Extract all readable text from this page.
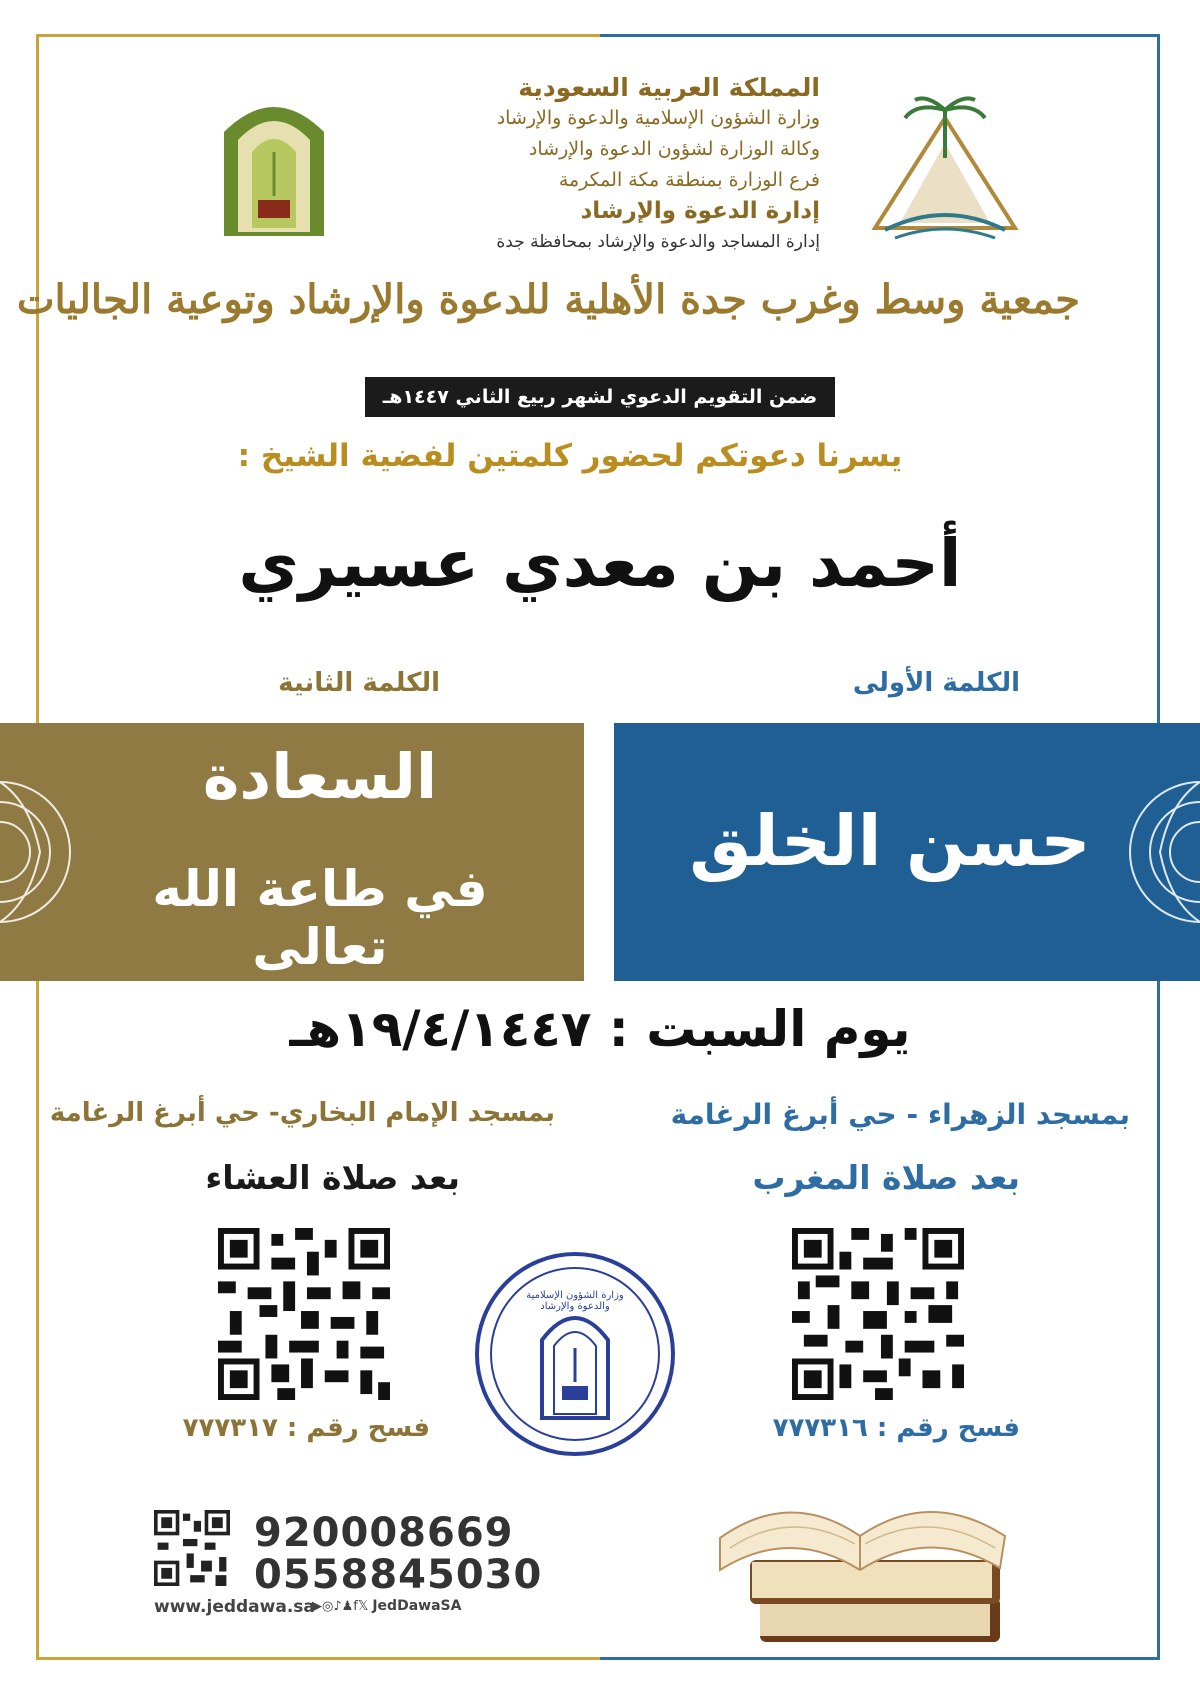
المملكة العربية السعودية
وزارة الشؤون الإسلامية والدعوة والإرشاد
وكالة الوزارة لشؤون الدعوة والإرشاد
فرع الوزارة بمنطقة مكة المكرمة
إدارة الدعوة والإرشاد
إدارة المساجد والدعوة والإرشاد بمحافظة جدة
جمعية وسط وغرب جدة الأهلية للدعوة والإرشاد وتوعية الجاليات
ضمن التقويم الدعوي لشهر ربيع الثاني ١٤٤٧هـ
يسرنا دعوتكم لحضور كلمتين لفضية الشيخ :
أحمد بن معدي عسيري
الكلمة الأولى
الكلمة الثانية
السعادة
في طاعة الله تعالى
حسن الخلق
يوم السبت : ١٩/٤/١٤٤٧هـ
بمسجد الزهراء - حي أبرغ الرغامة
بعد صلاة المغرب
بمسجد الإمام البخاري- حي أبرغ الرغامة
بعد صلاة العشاء
فسح رقم : ٧٧٧٣١٦
فسح رقم : ٧٧٧٣١٧
وزارة الشؤون الإسلامية والدعوة والإرشاد
920008669
0558845030
www.jeddawa.sa
▶◎♪♟f𝕏 JedDawaSA
